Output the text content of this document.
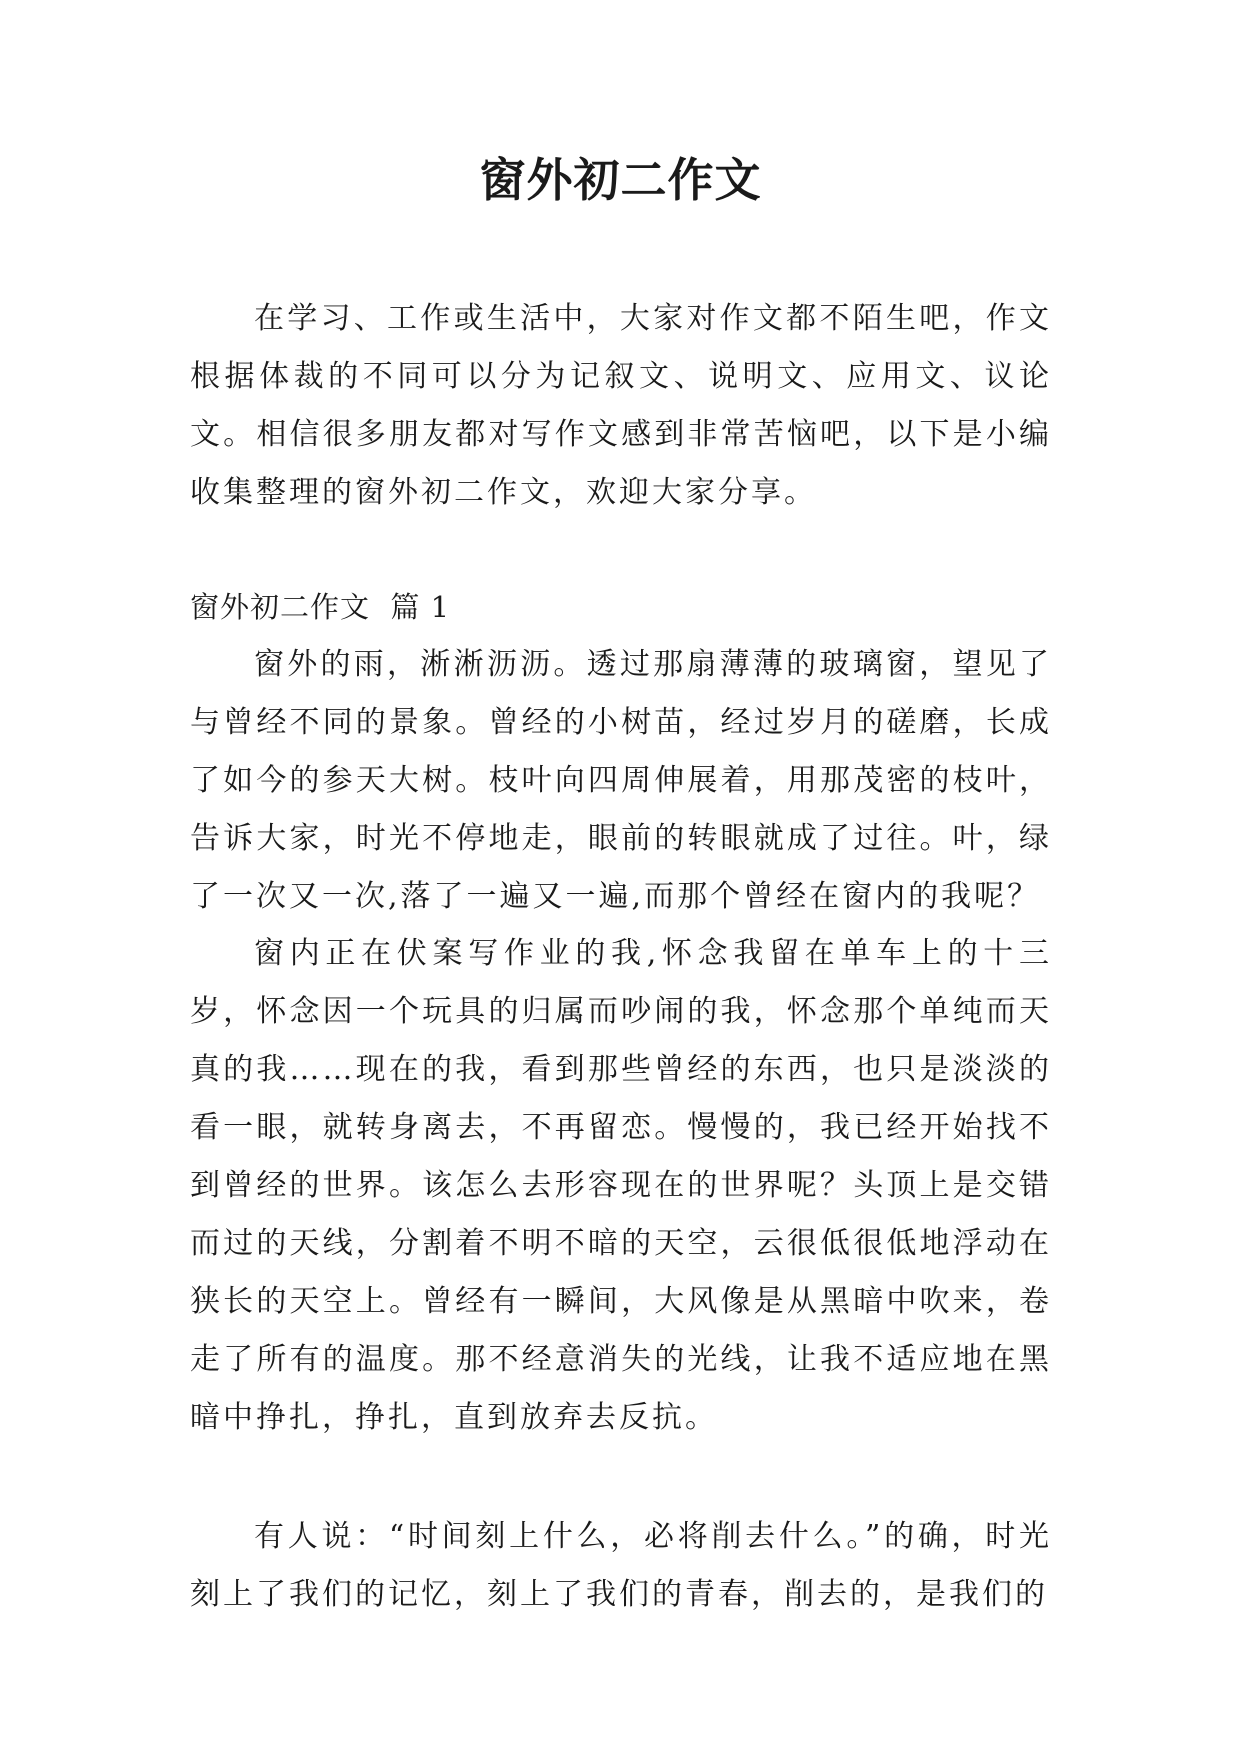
窗外初二作文

在学习、工作或生活中，大家对作文都不陌生吧，作文根据体裁的不同可以分为记叙文、说明文、应用文、议论文。相信很多朋友都对写作文感到非常苦恼吧，以下是小编收集整理的窗外初二作文，欢迎大家分享。

窗外初二作文  篇 1

窗外的雨，淅淅沥沥。透过那扇薄薄的玻璃窗，望见了与曾经不同的景象。曾经的小树苗，经过岁月的磋磨，长成了如今的参天大树。枝叶向四周伸展着，用那茂密的枝叶，告诉大家，时光不停地走，眼前的转眼就成了过往。叶，绿了一次又一次,落了一遍又一遍,而那个曾经在窗内的我呢？

窗内正在伏案写作业的我,怀念我留在单车上的十三岁，怀念因一个玩具的归属而吵闹的我，怀念那个单纯而天真的我……现在的我，看到那些曾经的东西，也只是淡淡的看一眼，就转身离去，不再留恋。慢慢的，我已经开始找不到曾经的世界。该怎么去形容现在的世界呢？头顶上是交错而过的天线，分割着不明不暗的天空，云很低很低地浮动在狭长的天空上。曾经有一瞬间，大风像是从黑暗中吹来，卷走了所有的温度。那不经意消失的光线，让我不适应地在黑暗中挣扎，挣扎，直到放弃去反抗。

有人说：“时间刻上什么，必将削去什么。”的确，时光刻上了我们的记忆，刻上了我们的青春，削去的，是我们的
